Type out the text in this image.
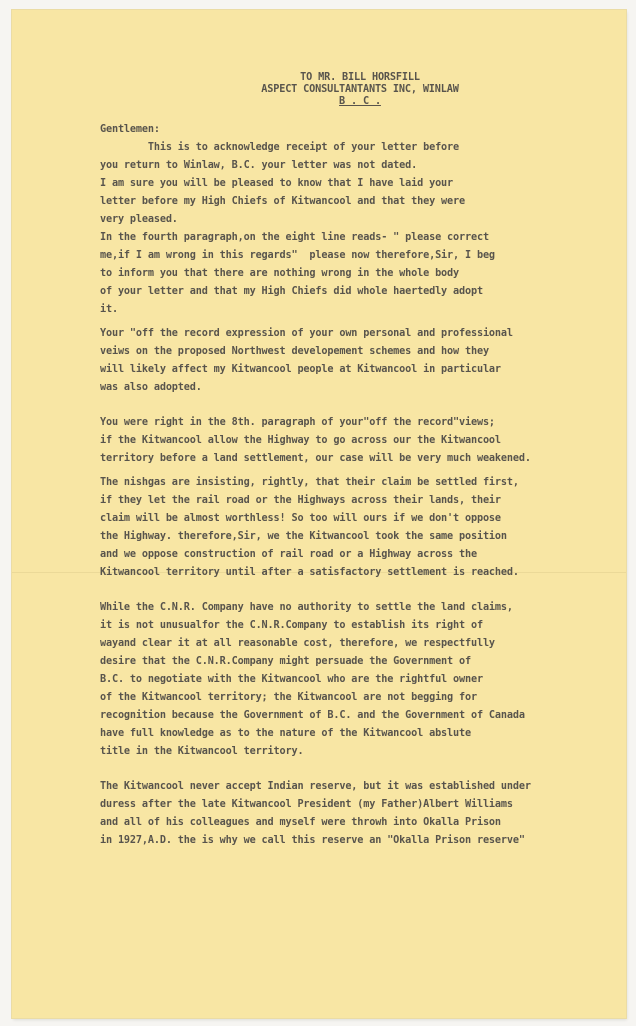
TO MR. BILL HORSFILL
ASPECT CONSULTANTANTS INC, WINLAW
B . C .
Gentlemen:
This is to acknowledge receipt of your letter before
you return to Winlaw, B.C. your letter was not dated.
I am sure you will be pleased to know that I have laid your
letter before my High Chiefs of Kitwancool and that they were
very pleased.
In the fourth paragraph,on the eight line reads- " please correct
me,if I am wrong in this regards"  please now therefore,Sir, I beg
to inform you that there are nothing wrong in the whole body
of your letter and that my High Chiefs did whole haertedly adopt
it.
Your "off the record expression of your own personal and professional
veiws on the proposed Northwest developement schemes and how they
will likely affect my Kitwancool people at Kitwancool in particular
was also adopted.
You were right in the 8th. paragraph of your"off the record"views;
if the Kitwancool allow the Highway to go across our the Kitwancool
territory before a land settlement, our case will be very much weakened.
The nishgas are insisting, rightly, that their claim be settled first,
if they let the rail road or the Highways across their lands, their
claim will be almost worthless! So too will ours if we don't oppose
the Highway. therefore,Sir, we the Kitwancool took the same position
and we oppose construction of rail road or a Highway across the
Kitwancool territory until after a satisfactory settlement is reached.
While the C.N.R. Company have no authority to settle the land claims,
it is not unusualfor the C.N.R.Company to establish its right of
wayand clear it at all reasonable cost, therefore, we respectfully
desire that the C.N.R.Company might persuade the Government of
B.C. to negotiate with the Kitwancool who are the rightful owner
of the Kitwancool territory; the Kitwancool are not begging for
recognition because the Government of B.C. and the Government of Canada
have full knowledge as to the nature of the Kitwancool abslute
title in the Kitwancool territory.
The Kitwancool never accept Indian reserve, but it was established under
duress after the late Kitwancool President (my Father)Albert Williams
and all of his colleagues and myself were throwh into Okalla Prison
in 1927,A.D. the is why we call this reserve an "Okalla Prison reserve"
